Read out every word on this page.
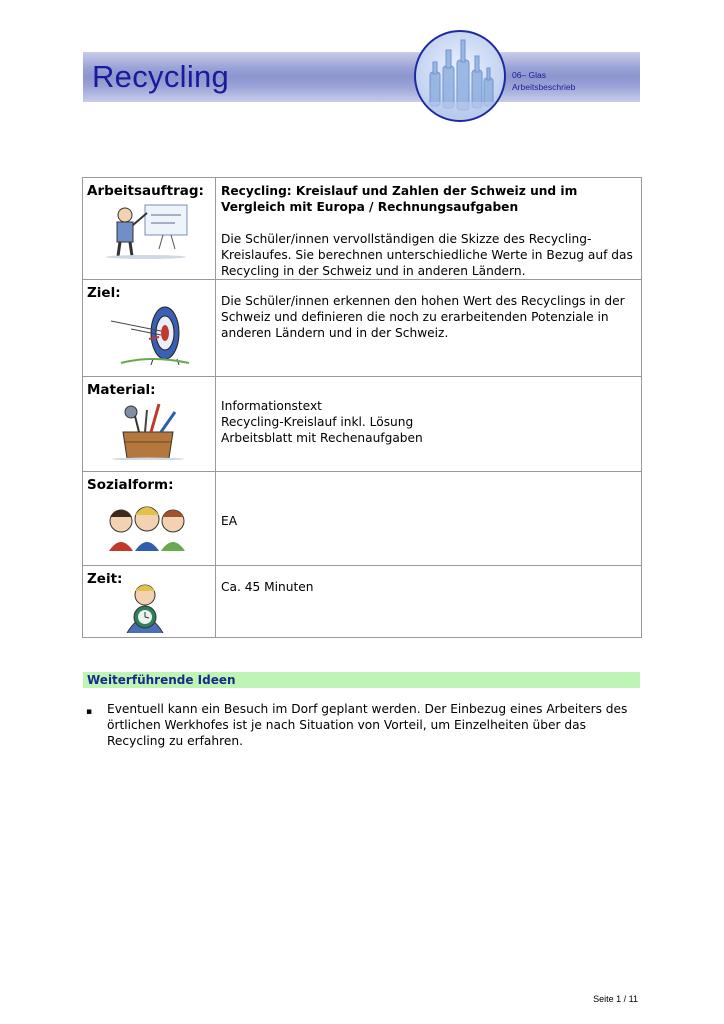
Recycling	06– Glas
Arbeitsbeschrieb
Arbeitsauftrag:	Recycling: Kreislauf und Zahlen der Schweiz und im Vergleich mit Europa / Rechnungsaufgaben
Die Schüler/innen vervollständigen die Skizze des Recycling-Kreislaufes. Sie berechnen unterschiedliche Werte in Bezug auf das Recycling in der Schweiz und in anderen Ländern.

Ziel:	Die Schüler/innen erkennen den hohen Wert des Recyclings in der Schweiz und definieren die noch zu erarbeitenden Potenziale in anderen Ländern und in der Schweiz.

Material:	Informationstext
Recycling-Kreislauf inkl. Lösung
Arbeitsblatt mit Rechenaufgaben

Sozialform:	EA

Zeit:	Ca. 45 Minuten
Weiterführende Ideen
▪	Eventuell kann ein Besuch im Dorf geplant werden. Der Einbezug eines Arbeiters des örtlichen Werkhofes ist je nach Situation von Vorteil, um Einzelheiten über das Recycling zu erfahren.
Seite 1 / 11
